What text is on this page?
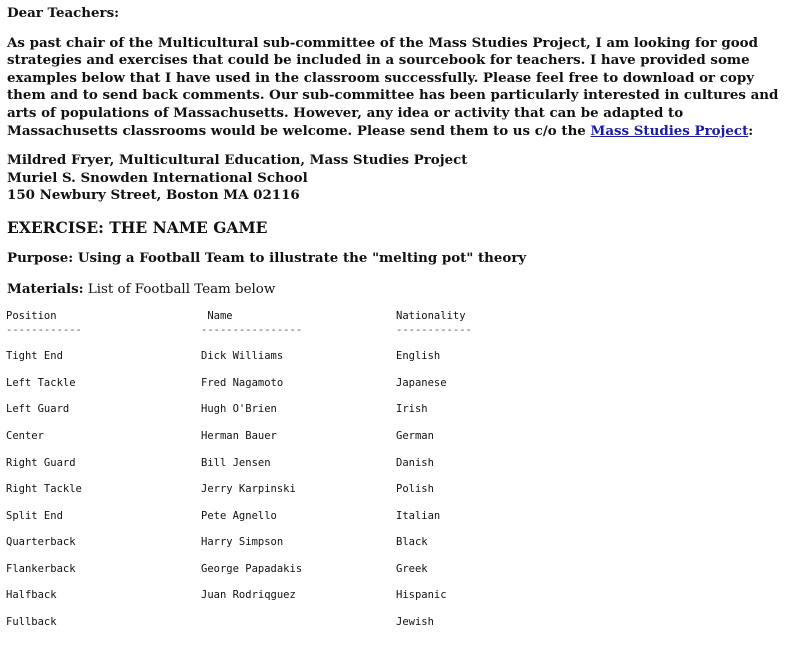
Dear Teachers:

As past chair of the Multicultural sub-committee of the Mass Studies Project, I am looking for good strategies and exercises that could be included in a sourcebook for teachers. I have provided some examples below that I have used in the classroom successfully. Please feel free to download or copy them and to send back comments. Our sub-committee has been particularly interested in cultures and arts of populations of Massachusetts. However, any idea or activity that can be adapted to Massachusetts classrooms would be welcome. Please send them to us c/o the Mass Studies Project:

Mildred Fryer, Multicultural Education, Mass Studies Project

Muriel S. Snowden International School

150 Newbury Street, Boston MA 02116

EXERCISE: THE NAME GAME

Purpose: Using a Football Team to illustrate the "melting pot" theory

Materials: List of Football Team below

Position	Name	Nationality
------------	----------------	------------
Tight End	Dick Williams	English
Left Tackle	Fred Nagamoto	Japanese
Left Guard	Hugh O'Brien	Irish
Center	Herman Bauer	German
Right Guard	Bill Jensen	Danish
Right Tackle	Jerry Karpinski	Polish
Split End	Pete Agnello	Italian
Quarterback	Harry Simpson	Black
Flankerback	George Papadakis	Greek
Halfback	Juan Rodriqguez	Hispanic
Fullback		Jewish
